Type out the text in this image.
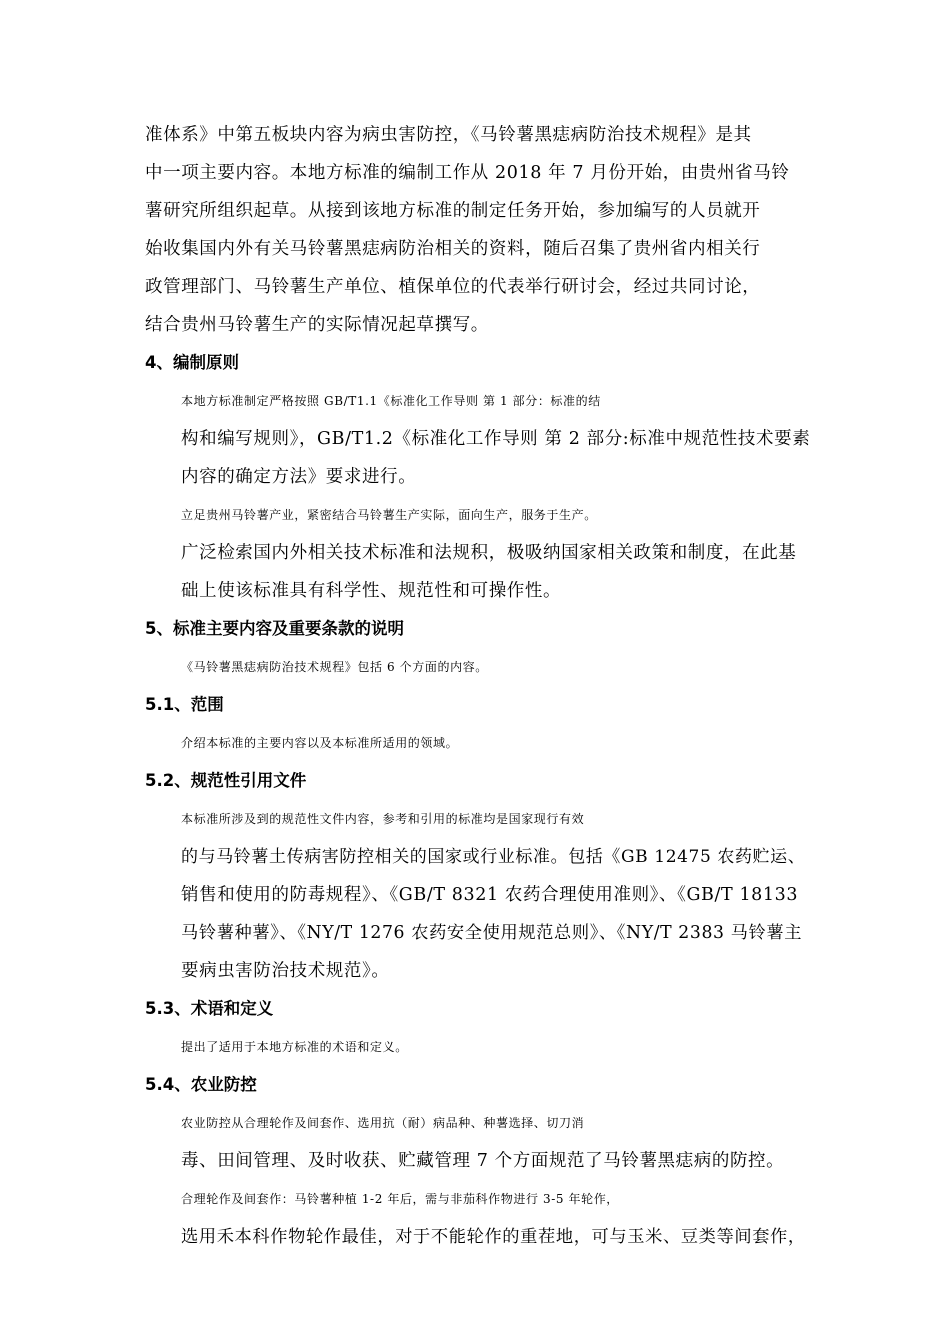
准体系》中第五板块内容为病虫害防控，《马铃薯黑痣病防治技术规程》是其
中一项主要内容。本地方标准的编制工作从 2018 年 7 月份开始，由贵州省马铃
薯研究所组织起草。从接到该地方标准的制定任务开始，参加编写的人员就开
始收集国内外有关马铃薯黑痣病防治相关的资料，随后召集了贵州省内相关行
政管理部门、马铃薯生产单位、植保单位的代表举行研讨会，经过共同讨论，
结合贵州马铃薯生产的实际情况起草撰写。

4、编制原则

本地方标准制定严格按照 GB/T1.1《标准化工作导则 第 1 部分：标准的结
构和编写规则》，GB/T1.2《标准化工作导则 第 2 部分:标准中规范性技术要素
内容的确定方法》要求进行。

立足贵州马铃薯产业，紧密结合马铃薯生产实际，面向生产，服务于生产。
广泛检索国内外相关技术标准和法规积，极吸纳国家相关政策和制度，在此基
础上使该标准具有科学性、规范性和可操作性。

5、标准主要内容及重要条款的说明

《马铃薯黑痣病防治技术规程》包括 6 个方面的内容。

5.1、范围

介绍本标准的主要内容以及本标准所适用的领域。

5.2、规范性引用文件

本标准所涉及到的规范性文件内容，参考和引用的标准均是国家现行有效
的与马铃薯土传病害防控相关的国家或行业标准。包括《GB 12475 农药贮运、
销售和使用的防毒规程》、《GB/T 8321 农药合理使用准则》、《GB/T 18133
马铃薯种薯》、《NY/T 1276 农药安全使用规范总则》、《NY/T 2383 马铃薯主
要病虫害防治技术规范》。

5.3、术语和定义

提出了适用于本地方标准的术语和定义。

5.4、农业防控

农业防控从合理轮作及间套作、选用抗（耐）病品种、种薯选择、切刀消
毒、田间管理、及时收获、贮藏管理 7 个方面规范了马铃薯黑痣病的防控。

合理轮作及间套作：马铃薯种植 1-2 年后，需与非茄科作物进行 3-5 年轮作，
选用禾本科作物轮作最佳，对于不能轮作的重茬地，可与玉米、豆类等间套作，
